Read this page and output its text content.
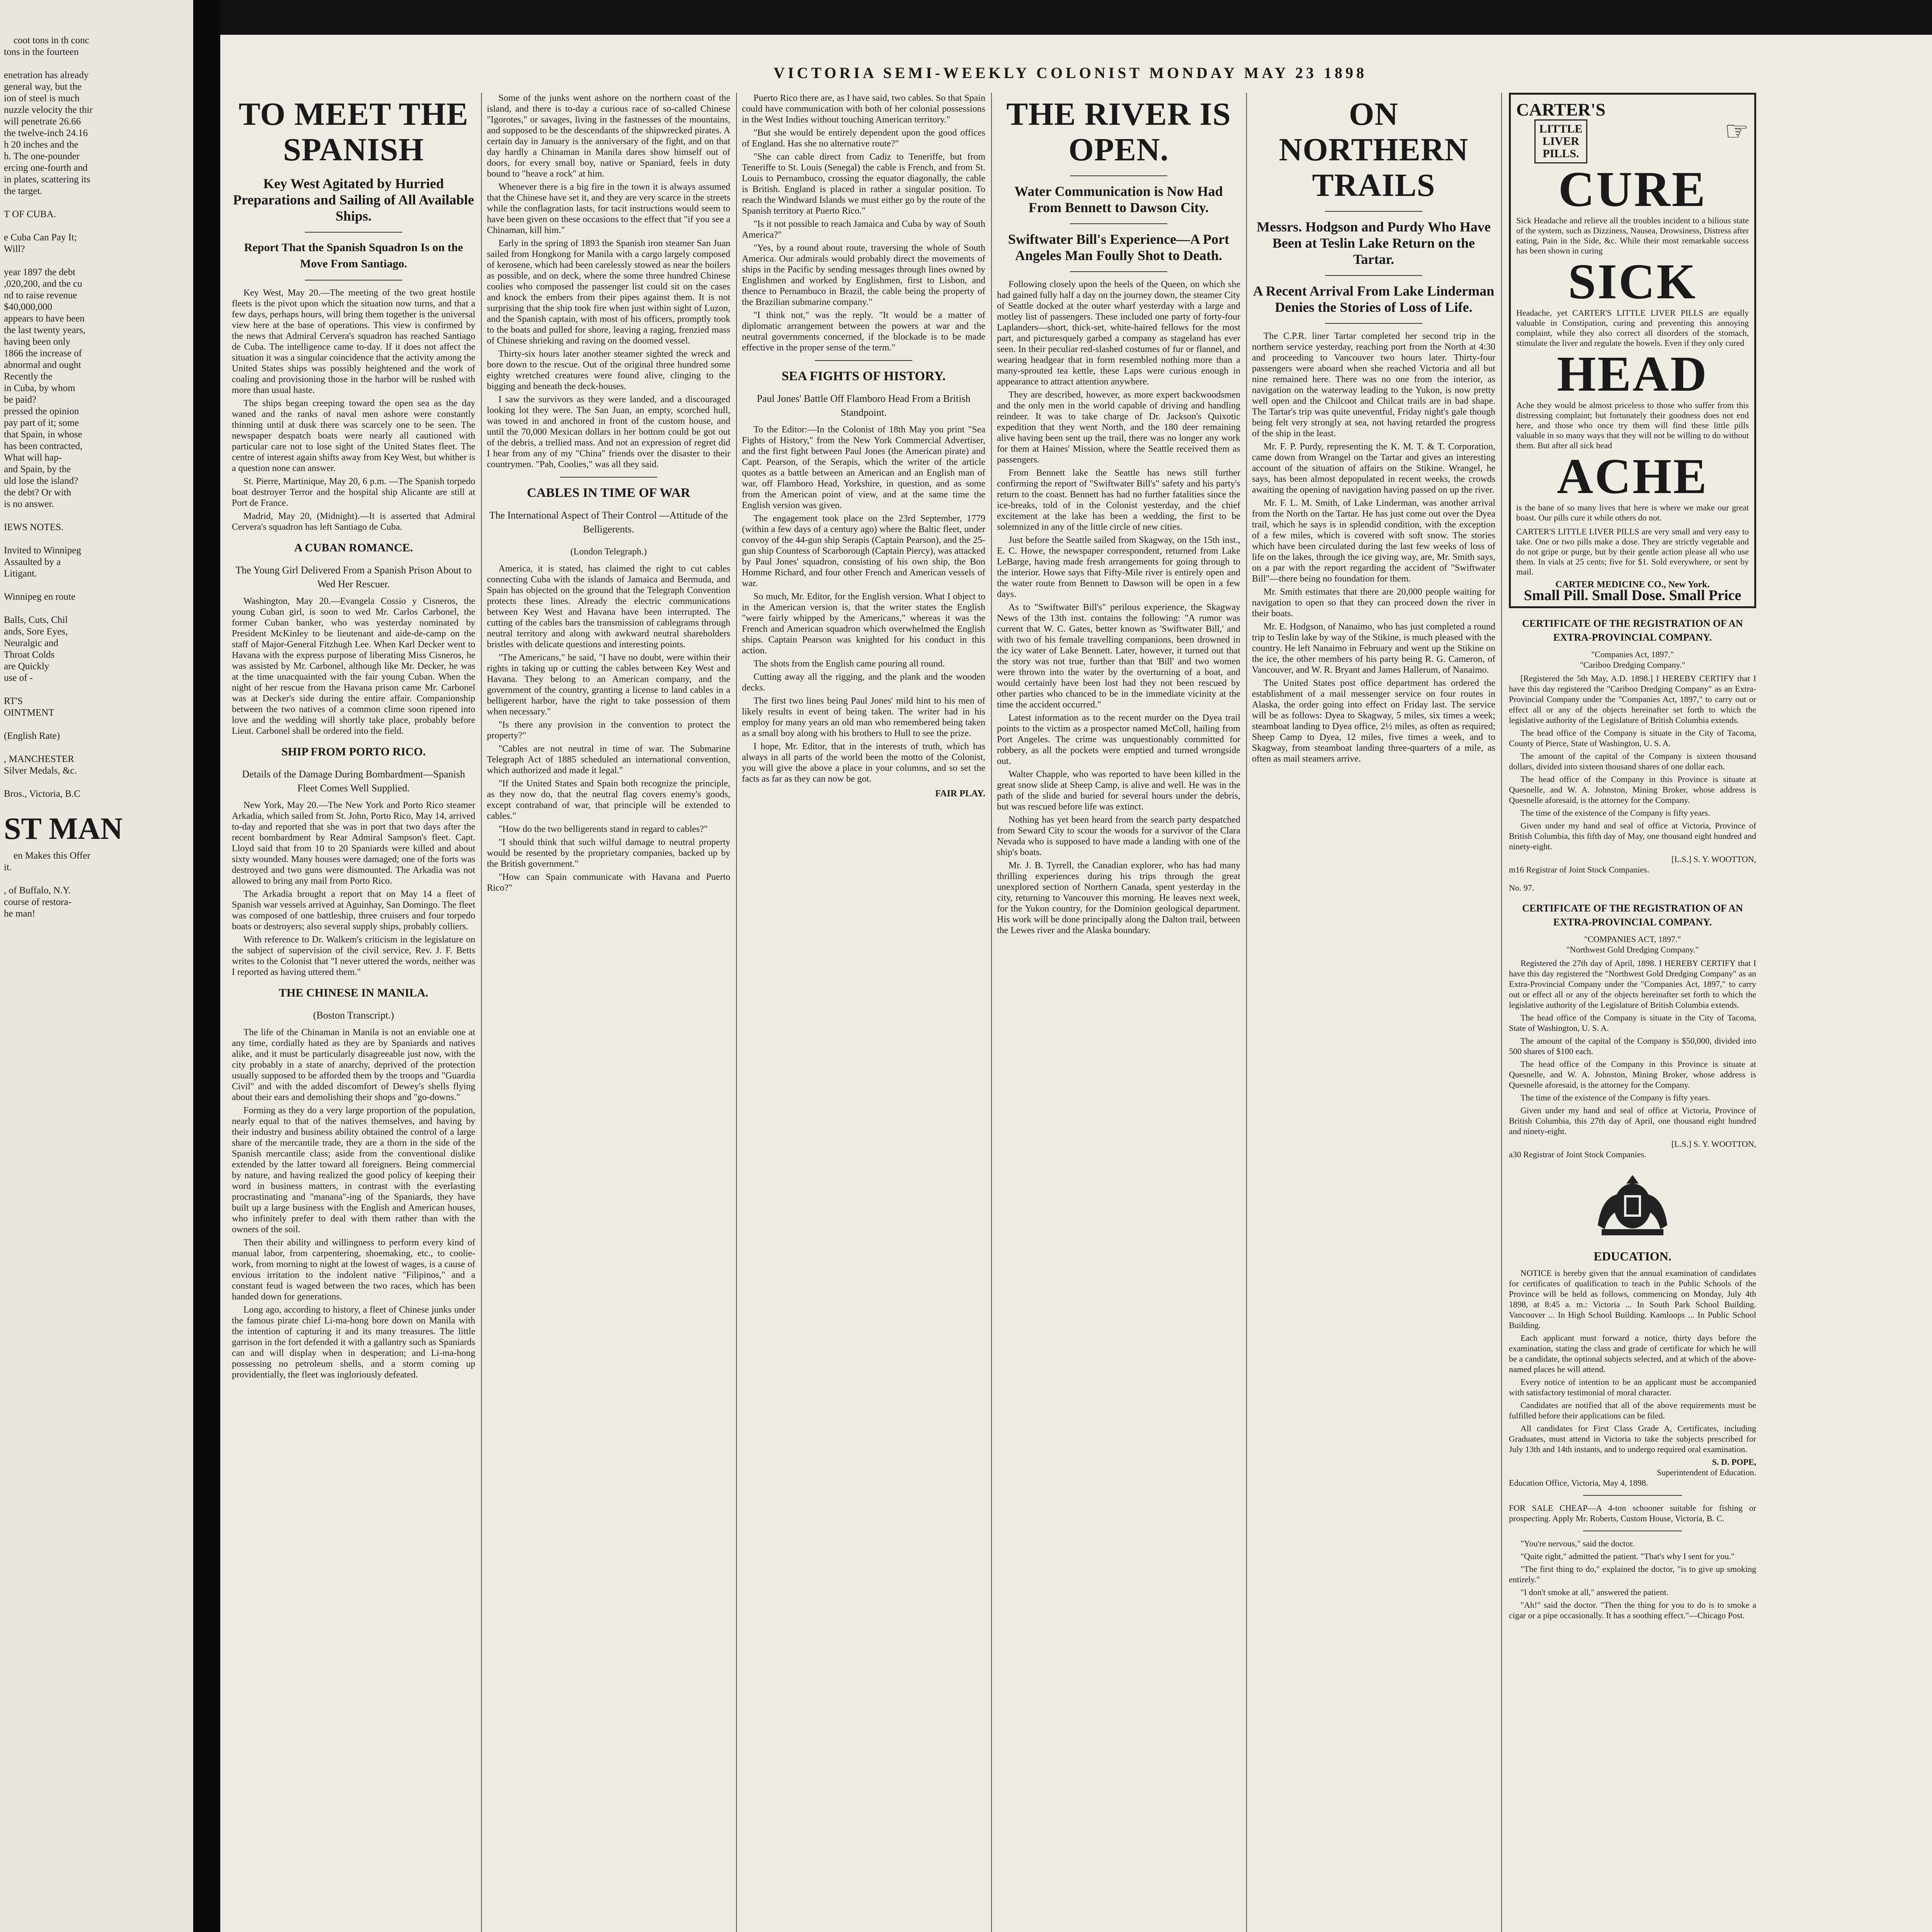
coot tons in th conc
tons in the fourteen

enetration has already
general way, but the
ion of steel is much
nuzzle velocity the thir
will penetrate 26.66
the twelve-inch 24.16
h 20 inches and the
h. The one-pounder
ercing one-fourth and
in plates, scattering its
the target.

T OF CUBA.

e Cuba Can Pay It;
Will?

year 1897 the debt
,020,200, and the cu
nd to raise revenue
$40,000,000
appears to have been
the last twenty years,
having been only
1866 the increase of
abnormal and ought
Recently the
in Cuba, by whom
be paid?
pressed the opinion
pay part of it; some
that Spain, in whose
has been contracted,
What will hap-
and Spain, by the
uld lose the island?
the debt? Or with
is no answer.

IEWS NOTES.

Invited to Winnipeg
Assaulted by a
Litigant.

Winnipeg en route

Balls, Cuts, Chil
ands, Sore Eyes,
Neuralgic and
Throat Colds
are Quickly
use of -

RT'S
OINTMENT

(English Rate)

, MANCHESTER
Silver Medals, &c.

Bros., Victoria, B.C

ST MAN

en Makes this Offer
it.

, of Buffalo, N.Y.
course of restora-
he man!

VICTORIA SEMI-WEEKLY COLONIST MONDAY MAY 23 1898
TO MEET THE SPANISH
Key West Agitated by Hurried Preparations and Sailing of All Available Ships.
Report That the Spanish Squadron Is on the Move From Santiago.

Key West, May 20.—The meeting of the two great hostile fleets is the pivot upon which the situation now turns, and that a few days, perhaps hours, will bring them together is the universal view here at the base of operations. This view is confirmed by the news that Admiral Cervera's squadron has reached Santiago de Cuba. The intelligence came to-day. If it does not affect the situation it was a singular coincidence that the activity among the United States ships was possibly heightened and the work of coaling and provisioning those in the harbor will be rushed with more than usual haste.

The ships began creeping toward the open sea as the day waned and the ranks of naval men ashore were constantly thinning until at dusk there was scarcely one to be seen. The newspaper despatch boats were nearly all cautioned with particular care not to lose sight of the United States fleet. The centre of interest again shifts away from Key West, but whither is a question none can answer.

St. Pierre, Martinique, May 20, 6 p.m. —The Spanish torpedo boat destroyer Terror and the hospital ship Alicante are still at Port de France.

Madrid, May 20, (Midnight).—It is asserted that Admiral Cervera's squadron has left Santiago de Cuba.

A CUBAN ROMANCE.
The Young Girl Delivered From a Spanish Prison About to Wed Her Rescuer.

Washington, May 20.—Evangela Cossio y Cisneros, the young Cuban girl, is soon to wed Mr. Carlos Carbonel, the former Cuban banker, who was yesterday nominated by President McKinley to be lieutenant and aide-de-camp on the staff of Major-General Fitzhugh Lee. When Karl Decker went to Havana with the express purpose of liberating Miss Cisneros, he was assisted by Mr. Carbonel, although like Mr. Decker, he was at the time unacquainted with the fair young Cuban. When the night of her rescue from the Havana prison came Mr. Carbonel was at Decker's side during the entire affair. Companionship between the two natives of a common clime soon ripened into love and the wedding will shortly take place, probably before Lieut. Carbonel shall be ordered into the field.

SHIP FROM PORTO RICO.
Details of the Damage During Bombardment—Spanish Fleet Comes Well Supplied.

New York, May 20.—The New York and Porto Rico steamer Arkadia, which sailed from St. John, Porto Rico, May 14, arrived to-day and reported that she was in port that two days after the recent bombardment by Rear Admiral Sampson's fleet. Capt. Lloyd said that from 10 to 20 Spaniards were killed and about sixty wounded. Many houses were damaged; one of the forts was destroyed and two guns were dismounted. The Arkadia was not allowed to bring any mail from Porto Rico.

The Arkadia brought a report that on May 14 a fleet of Spanish war vessels arrived at Aguinhay, San Domingo. The fleet was composed of one battleship, three cruisers and four torpedo boats or destroyers; also several supply ships, probably colliers.

With reference to Dr. Walkem's criticism in the legislature on the subject of supervision of the civil service, Rev. J. F. Betts writes to the Colonist that "I never uttered the words, neither was I reported as having uttered them."

THE CHINESE IN MANILA.
(Boston Transcript.)

The life of the Chinaman in Manila is not an enviable one at any time, cordially hated as they are by Spaniards and natives alike, and it must be particularly disagreeable just now, with the city probably in a state of anarchy, deprived of the protection usually supposed to be afforded them by the troops and "Guardia Civil" and with the added discomfort of Dewey's shells flying about their ears and demolishing their shops and "go-downs."

Forming as they do a very large proportion of the population, nearly equal to that of the natives themselves, and having by their industry and business ability obtained the control of a large share of the mercantile trade, they are a thorn in the side of the Spanish mercantile class; aside from the conventional dislike extended by the latter toward all foreigners. Being commercial by nature, and having realized the good policy of keeping their word in business matters, in contrast with the everlasting procrastinating and "manana"-ing of the Spaniards, they have built up a large business with the English and American houses, who infinitely prefer to deal with them rather than with the owners of the soil.

Then their ability and willingness to perform every kind of manual labor, from carpentering, shoemaking, etc., to coolie-work, from morning to night at the lowest of wages, is a cause of envious irritation to the indolent native "Filipinos," and a constant feud is waged between the two races, which has been handed down for generations.

Long ago, according to history, a fleet of Chinese junks under the famous pirate chief Li-ma-hong bore down on Manila with the intention of capturing it and its many treasures. The little garrison in the fort defended it with a gallantry such as Spaniards can and will display when in desperation; and Li-ma-hong possessing no petroleum shells, and a storm coming up providentially, the fleet was ingloriously defeated.

Some of the junks went ashore on the northern coast of the island, and there is to-day a curious race of so-called Chinese "Igorotes," or savages, living in the fastnesses of the mountains, and supposed to be the descendants of the shipwrecked pirates. A certain day in January is the anniversary of the fight, and on that day hardly a Chinaman in Manila dares show himself out of doors, for every small boy, native or Spaniard, feels in duty bound to "heave a rock" at him.

Whenever there is a big fire in the town it is always assumed that the Chinese have set it, and they are very scarce in the streets while the conflagration lasts, for tacit instructions would seem to have been given on these occasions to the effect that "if you see a Chinaman, kill him."

Early in the spring of 1893 the Spanish iron steamer San Juan sailed from Hongkong for Manila with a cargo largely composed of kerosene, which had been carelessly stowed as near the boilers as possible, and on deck, where the some three hundred Chinese coolies who composed the passenger list could sit on the cases and knock the embers from their pipes against them. It is not surprising that the ship took fire when just within sight of Luzon, and the Spanish captain, with most of his officers, promptly took to the boats and pulled for shore, leaving a raging, frenzied mass of Chinese shrieking and raving on the doomed vessel.

Thirty-six hours later another steamer sighted the wreck and bore down to the rescue. Out of the original three hundred some eighty wretched creatures were found alive, clinging to the bigging and beneath the deck-houses.

I saw the survivors as they were landed, and a discouraged looking lot they were. The San Juan, an empty, scorched hull, was towed in and anchored in front of the custom house, and until the 70,000 Mexican dollars in her bottom could be got out of the debris, a trellied mass. And not an expression of regret did I hear from any of my "China" friends over the disaster to their countrymen. "Pah, Coolies," was all they said.

CABLES IN TIME OF WAR
The International Aspect of Their Control —Attitude of the Belligerents.
(London Telegraph.)

America, it is stated, has claimed the right to cut cables connecting Cuba with the islands of Jamaica and Bermuda, and Spain has objected on the ground that the Telegraph Convention protects these lines. Already the electric communications between Key West and Havana have been interrupted. The cutting of the cables bars the transmission of cablegrams through neutral territory and along with awkward neutral shareholders bristles with delicate questions and interesting points.

"The Americans," he said, "I have no doubt, were within their rights in taking up or cutting the cables between Key West and Havana. They belong to an American company, and the government of the country, granting a license to land cables in a belligerent harbor, have the right to take possession of them when necessary."

"Is there any provision in the convention to protect the property?"

"Cables are not neutral in time of war. The Submarine Telegraph Act of 1885 scheduled an international convention, which authorized and made it legal."

"If the United States and Spain both recognize the principle, as they now do, that the neutral flag covers enemy's goods, except contraband of war, that principle will be extended to cables."

"How do the two belligerents stand in regard to cables?"

"I should think that such wilful damage to neutral property would be resented by the proprietary companies, backed up by the British government."

"How can Spain communicate with Havana and Puerto Rico?"

Puerto Rico there are, as I have said, two cables. So that Spain could have communication with both of her colonial possessions in the West Indies without touching American territory."

"But she would be entirely dependent upon the good offices of England. Has she no alternative route?"

"She can cable direct from Cadiz to Teneriffe, but from Teneriffe to St. Louis (Senegal) the cable is French, and from St. Louis to Pernambuco, crossing the equator diagonally, the cable is British. England is placed in rather a singular position. To reach the Windward Islands we must either go by the route of the Spanish territory at Puerto Rico."

"Is it not possible to reach Jamaica and Cuba by way of South America?"

"Yes, by a round about route, traversing the whole of South America. Our admirals would probably direct the movements of ships in the Pacific by sending messages through lines owned by Englishmen and worked by Englishmen, first to Lisbon, and thence to Pernambuco in Brazil, the cable being the property of the Brazilian submarine company."

"I think not," was the reply. "It would be a matter of diplomatic arrangement between the powers at war and the neutral governments concerned, if the blockade is to be made effective in the proper sense of the term."

SEA FIGHTS OF HISTORY.
Paul Jones' Battle Off Flamboro Head From a British Standpoint.

To the Editor:—In the Colonist of 18th May you print "Sea Fights of History," from the New York Commercial Advertiser, and the first fight between Paul Jones (the American pirate) and Capt. Pearson, of the Serapis, which the writer of the article quotes as a battle between an American and an English man of war, off Flamboro Head, Yorkshire, in question, and as some from the American point of view, and at the same time the English version was given.

The engagement took place on the 23rd September, 1779 (within a few days of a century ago) where the Baltic fleet, under convoy of the 44-gun ship Serapis (Captain Pearson), and the 25-gun ship Countess of Scarborough (Captain Piercy), was attacked by Paul Jones' squadron, consisting of his own ship, the Bon Homme Richard, and four other French and American vessels of war.

So much, Mr. Editor, for the English version. What I object to in the American version is, that the writer states the English "were fairly whipped by the Americans," whereas it was the French and American squadron which overwhelmed the English ships. Captain Pearson was knighted for his conduct in this action.

The shots from the English came pouring all round.

Cutting away all the rigging, and the plank and the wooden decks.

The first two lines being Paul Jones' mild hint to his men of likely results in event of being taken. The writer had in his employ for many years an old man who remembered being taken as a small boy along with his brothers to Hull to see the prize.

I hope, Mr. Editor, that in the interests of truth, which has always in all parts of the world been the motto of the Colonist, you will give the above a place in your columns, and so set the facts as far as they can now be got.

FAIR PLAY.
THE RIVER IS OPEN.
Water Communication is Now Had From Bennett to Dawson City.
Swiftwater Bill's Experience—A Port Angeles Man Foully Shot to Death.

Following closely upon the heels of the Queen, on which she had gained fully half a day on the journey down, the steamer City of Seattle docked at the outer wharf yesterday with a large and motley list of passengers. These included one party of forty-four Laplanders—short, thick-set, white-haired fellows for the most part, and picturesquely garbed a company as stageland has ever seen. In their peculiar red-slashed costumes of fur or flannel, and wearing headgear that in form resembled nothing more than a many-sprouted tea kettle, these Laps were curious enough in appearance to attract attention anywhere.

They are described, however, as more expert backwoodsmen and the only men in the world capable of driving and handling reindeer. It was to take charge of Dr. Jackson's Quixotic expedition that they went North, and the 180 deer remaining alive having been sent up the trail, there was no longer any work for them at Haines' Mission, where the Seattle received them as passengers.

From Bennett lake the Seattle has news still further confirming the report of "Swiftwater Bill's" safety and his party's return to the coast. Bennett has had no further fatalities since the ice-breaks, told of in the Colonist yesterday, and the chief excitement at the lake has been a wedding, the first to be solemnized in any of the little circle of new cities.

Just before the Seattle sailed from Skagway, on the 15th inst., E. C. Howe, the newspaper correspondent, returned from Lake LeBarge, having made fresh arrangements for going through to the interior. Howe says that Fifty-Mile river is entirely open and the water route from Bennett to Dawson will be open in a few days.

As to "Swiftwater Bill's" perilous experience, the Skagway News of the 13th inst. contains the following: "A rumor was current that W. C. Gates, better known as 'Swiftwater Bill,' and with two of his female travelling companions, been drowned in the icy water of Lake Bennett. Later, however, it turned out that the story was not true, further than that 'Bill' and two women were thrown into the water by the overturning of a boat, and would certainly have been lost had they not been rescued by other parties who chanced to be in the immediate vicinity at the time the accident occurred."

Latest information as to the recent murder on the Dyea trail points to the victim as a prospector named McColl, hailing from Port Angeles. The crime was unquestionably committed for robbery, as all the pockets were emptied and turned wrongside out.

Walter Chapple, who was reported to have been killed in the great snow slide at Sheep Camp, is alive and well. He was in the path of the slide and buried for several hours under the debris, but was rescued before life was extinct.

Nothing has yet been heard from the search party despatched from Seward City to scour the woods for a survivor of the Clara Nevada who is supposed to have made a landing with one of the ship's boats.

Mr. J. B. Tyrrell, the Canadian explorer, who has had many thrilling experiences during his trips through the great unexplored section of Northern Canada, spent yesterday in the city, returning to Vancouver this morning. He leaves next week, for the Yukon country, for the Dominion geological department. His work will be done principally along the Dalton trail, between the Lewes river and the Alaska boundary.

ON NORTHERN TRAILS
Messrs. Hodgson and Purdy Who Have Been at Teslin Lake Return on the Tartar.
A Recent Arrival From Lake Linderman Denies the Stories of Loss of Life.

The C.P.R. liner Tartar completed her second trip in the northern service yesterday, reaching port from the North at 4:30 and proceeding to Vancouver two hours later. Thirty-four passengers were aboard when she reached Victoria and all but nine remained here. There was no one from the interior, as navigation on the waterway leading to the Yukon, is now pretty well open and the Chilcoot and Chilcat trails are in bad shape. The Tartar's trip was quite uneventful, Friday night's gale though being felt very strongly at sea, not having retarded the progress of the ship in the least.

Mr. F. P. Purdy, representing the K. M. T. & T. Corporation, came down from Wrangel on the Tartar and gives an interesting account of the situation of affairs on the Stikine. Wrangel, he says, has been almost depopulated in recent weeks, the crowds awaiting the opening of navigation having passed on up the river.

Mr. F. L. M. Smith, of Lake Linderman, was another arrival from the North on the Tartar. He has just come out over the Dyea trail, which he says is in splendid condition, with the exception of a few miles, which is covered with soft snow. The stories which have been circulated during the last few weeks of loss of life on the lakes, through the ice giving way, are, Mr. Smith says, on a par with the report regarding the accident of "Swiftwater Bill"—there being no foundation for them.

Mr. Smith estimates that there are 20,000 people waiting for navigation to open so that they can proceed down the river in their boats.

Mr. E. Hodgson, of Nanaimo, who has just completed a round trip to Teslin lake by way of the Stikine, is much pleased with the country. He left Nanaimo in February and went up the Stikine on the ice, the other members of his party being R. G. Cameron, of Vancouver, and W. R. Bryant and James Hallerum, of Nanaimo.

The United States post office department has ordered the establishment of a mail messenger service on four routes in Alaska, the order going into effect on Friday last. The service will be as follows: Dyea to Skagway, 5 miles, six times a week; steamboat landing to Dyea office, 2½ miles, as often as required; Sheep Camp to Dyea, 12 miles, five times a week, and to Skagway, from steamboat landing three-quarters of a mile, as often as mail steamers arrive.

CARTER'S
LITTLE
LIVER
PILLS.
☞
CURE
Sick Headache and relieve all the troubles incident to a bilious state of the system, such as Dizziness, Nausea, Drowsiness, Distress after eating, Pain in the Side, &c. While their most remarkable success has been shown in curing
SICK
Headache, yet CARTER'S LITTLE LIVER PILLS are equally valuable in Constipation, curing and preventing this annoying complaint, while they also correct all disorders of the stomach, stimulate the liver and regulate the bowels. Even if they only cured
HEAD
Ache they would be almost priceless to those who suffer from this distressing complaint; but fortunately their goodness does not end here, and those who once try them will find these little pills valuable in so many ways that they will not be willing to do without them. But after all sick head
ACHE
is the bane of so many lives that here is where we make our great boast. Our pills cure it while others do not.
CARTER'S LITTLE LIVER PILLS are very small and very easy to take. One or two pills make a dose. They are strictly vegetable and do not gripe or purge, but by their gentle action please all who use them. In vials at 25 cents; five for $1. Sold everywhere, or sent by mail.
CARTER MEDICINE CO., New York.
Small Pill. Small Dose. Small Price
CERTIFICATE OF THE REGISTRATION OF AN EXTRA-PROVINCIAL COMPANY.
"Companies Act, 1897."
"Cariboo Dredging Company."

[Registered the 5th May, A.D. 1898.] I HEREBY CERTIFY that I have this day registered the "Cariboo Dredging Company" as an Extra-Provincial Company under the "Companies Act, 1897," to carry out or effect all or any of the objects hereinafter set forth to which the legislative authority of the Legislature of British Columbia extends.

The head office of the Company is situate in the City of Tacoma, County of Pierce, State of Washington, U. S. A.

The amount of the capital of the Company is sixteen thousand dollars, divided into sixteen thousand shares of one dollar each.

The head office of the Company in this Province is situate at Quesnelle, and W. A. Johnston, Mining Broker, whose address is Quesnelle aforesaid, is the attorney for the Company.

The time of the existence of the Company is fifty years.

Given under my hand and seal of office at Victoria, Province of British Columbia, this fifth day of May, one thousand eight hundred and ninety-eight.

[L.S.] S. Y. WOOTTON,
m16 Registrar of Joint Stock Companies.
No. 97.
CERTIFICATE OF THE REGISTRATION OF AN EXTRA-PROVINCIAL COMPANY.
"COMPANIES ACT, 1897."
"Northwest Gold Dredging Company."

Registered the 27th day of April, 1898. I HEREBY CERTIFY that I have this day registered the "Northwest Gold Dredging Company" as an Extra-Provincial Company under the "Companies Act, 1897," to carry out or effect all or any of the objects hereinafter set forth to which the legislative authority of the Legislature of British Columbia extends.

The head office of the Company is situate in the City of Tacoma, State of Washington, U. S. A.

The amount of the capital of the Company is $50,000, divided into 500 shares of $100 each.

The head office of the Company in this Province is situate at Quesnelle, and W. A. Johnston, Mining Broker, whose address is Quesnelle aforesaid, is the attorney for the Company.

The time of the existence of the Company is fifty years.

Given under my hand and seal of office at Victoria, Province of British Columbia, this 27th day of April, one thousand eight hundred and ninety-eight.

[L.S.] S. Y. WOOTTON,
a30 Registrar of Joint Stock Companies.
EDUCATION.

NOTICE is hereby given that the annual examination of candidates for certificates of qualification to teach in the Public Schools of the Province will be held as follows, commencing on Monday, July 4th 1898, at 8:45 a. m.: Victoria ... In South Park School Building. Vancouver ... In High School Building. Kamloops ... In Public School Building.

Each applicant must forward a notice, thirty days before the examination, stating the class and grade of certificate for which he will be a candidate, the optional subjects selected, and at which of the above-named places he will attend.

Every notice of intention to be an applicant must be accompanied with satisfactory testimonial of moral character.

Candidates are notified that all of the above requirements must be fulfilled before their applications can be filed.

All candidates for First Class Grade A, Certificates, including Graduates, must attend in Victoria to take the subjects prescribed for July 13th and 14th instants, and to undergo required oral examination.

S. D. POPE,
Superintendent of Education.
Education Office, Victoria, May 4, 1898.
FOR SALE CHEAP—A 4-ton schooner suitable for fishing or prospecting. Apply Mr. Roberts, Custom House, Victoria, B. C.

"You're nervous," said the doctor.

"Quite right," admitted the patient. "That's why I sent for you."

"The first thing to do," explained the doctor, "is to give up smoking entirely."

"I don't smoke at all," answered the patient.

"Ah!" said the doctor. "Then the thing for you to do is to smoke a cigar or a pipe occasionally. It has a soothing effect."—Chicago Post.
